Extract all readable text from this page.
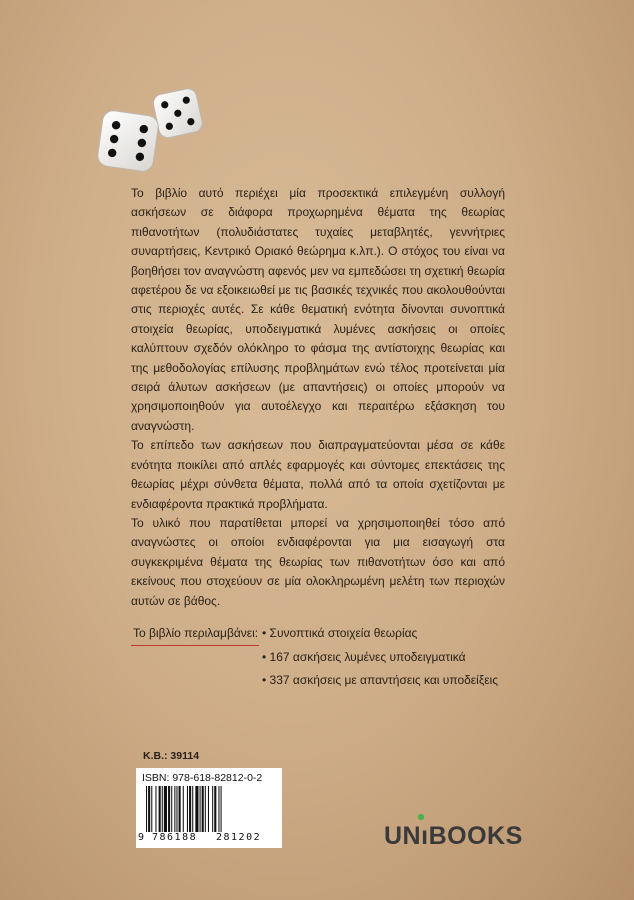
Το βιβλίο αυτό περιέχει μία προσεκτικά επιλεγμένη συλλογή ασκήσεων σε διάφορα προχωρημένα θέματα της θεωρίας πιθανοτήτων (πολυδιάστατες τυχαίες μεταβλητές, γεννήτριες συναρτήσεις, Κεντρικό Οριακό θεώρημα κ.λπ.). Ο στόχος του είναι να βοηθήσει τον αναγνώστη αφενός μεν να εμπεδώσει τη σχετική θεωρία αφετέρου δε να εξοικειωθεί με τις βασικές τεχνικές που ακολουθούνται στις περιοχές αυτές. Σε κάθε θεματική ενότητα δίνονται συνοπτικά στοιχεία θεωρίας, υποδειγματικά λυμένες ασκήσεις οι οποίες καλύπτουν σχεδόν ολόκληρο το φάσμα της αντίστοιχης θεωρίας και της μεθοδολογίας επίλυσης προβλημάτων ενώ τέλος προτείνεται μία σειρά άλυτων ασκήσεων (με απαντήσεις) οι οποίες μπορούν να χρησιμοποιηθούν για αυτοέλεγχο και περαιτέρω εξάσκηση του αναγνώστη.

Το επίπεδο των ασκήσεων που διαπραγματεύονται μέσα σε κάθε ενότητα ποικίλει από απλές εφαρμογές και σύντομες επεκτάσεις της θεωρίας μέχρι σύνθετα θέματα, πολλά από τα οποία σχετίζονται με ενδιαφέροντα πρακτικά προβλήματα.

Το υλικό που παρατίθεται μπορεί να χρησιμοποιηθεί τόσο από αναγνώστες οι οποίοι ενδιαφέρονται για μια εισαγωγή στα συγκεκριμένα θέματα της θεωρίας των πιθανοτήτων όσο και από εκείνους που στοχεύουν σε μία ολοκληρωμένη μελέτη των περιοχών αυτών σε βάθος.

Το βιβλίο περιλαμβάνει: • Συνοπτικά στοιχεία θεωρίας
• 167 ασκήσεις λυμένες υποδειγματικά
• 337 ασκήσεις με απαντήσεις και υποδείξεις
Κ.Β.: 39114
ISBN: 978-618-82812-0-2
9 786188 281202	UNıBOOKS
